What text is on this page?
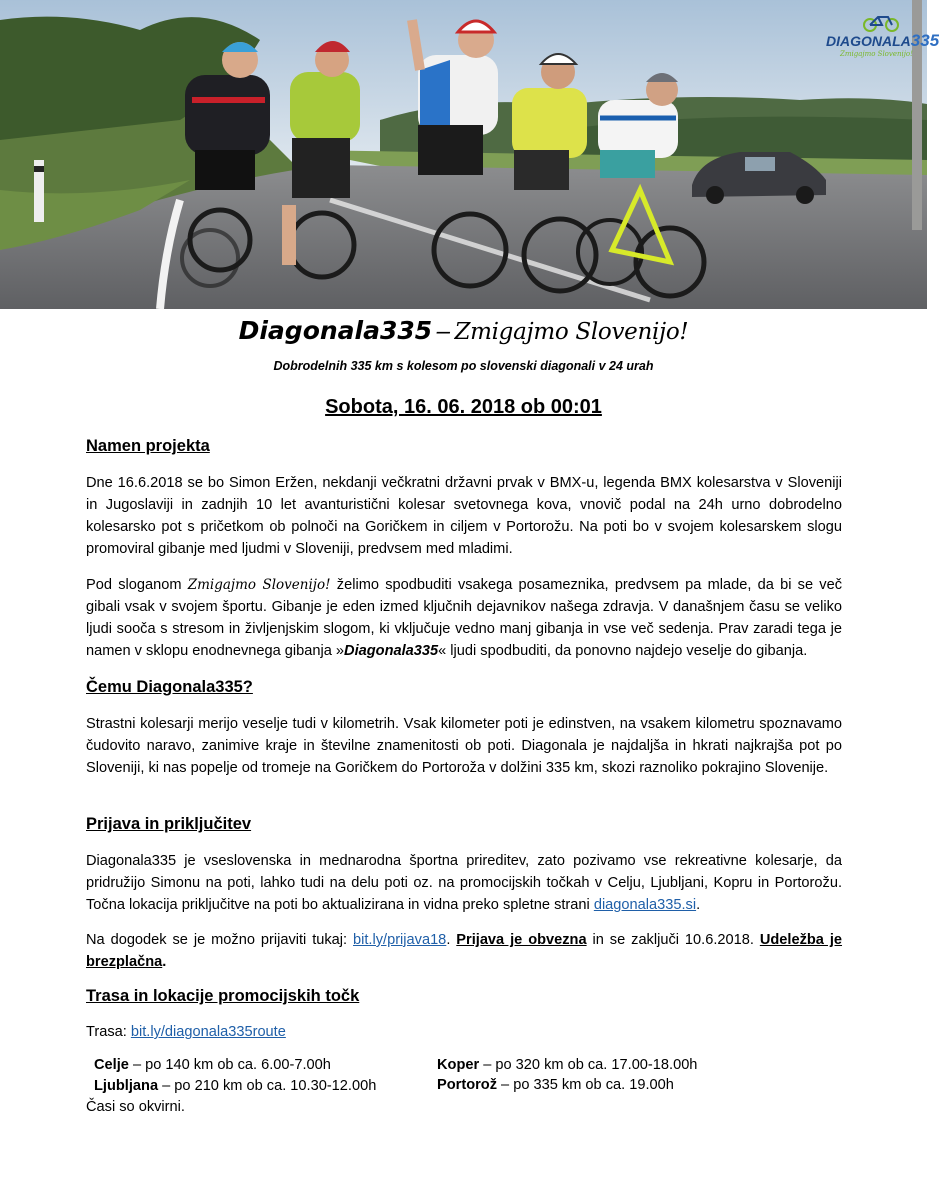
DIAGONALA335
Zmigajmo Slovenijo!
Diagonala335 – Zmigajmo Slovenijo!
Dobrodelnih 335 km s kolesom po slovenski diagonali v 24 urah
Sobota, 16. 06. 2018 ob 00:01
Namen projekta
Dne 16.6.2018 se bo Simon Eržen, nekdanji večkratni državni prvak v BMX-u, legenda BMX kolesarstva v Sloveniji in Jugoslaviji in zadnjih 10 let avanturistični kolesar svetovnega kova, vnovič podal na 24h urno dobrodelno kolesarsko pot s pričetkom ob polnoči na Goričkem in ciljem v Portorožu. Na poti bo v svojem kolesarskem slogu promoviral gibanje med ljudmi v Sloveniji, predvsem med mladimi.
Pod sloganom Zmigajmo Slovenijo! želimo spodbuditi vsakega posameznika, predvsem pa mlade, da bi se več gibali vsak v svojem športu. Gibanje je eden izmed ključnih dejavnikov našega zdravja. V današnjem času se veliko ljudi sooča s stresom in življenjskim slogom, ki vključuje vedno manj gibanja in vse več sedenja. Prav zaradi tega je namen v sklopu enodnevnega gibanja »Diagonala335« ljudi spodbuditi, da ponovno najdejo veselje do gibanja.
Čemu Diagonala335?
Strastni kolesarji merijo veselje tudi v kilometrih. Vsak kilometer poti je edinstven, na vsakem kilometru spoznavamo čudovito naravo, zanimive kraje in številne znamenitosti ob poti. Diagonala je najdaljša in hkrati najkrajša pot po Sloveniji, ki nas popelje od tromeje na Goričkem do Portoroža v dolžini 335 km, skozi raznoliko pokrajino Slovenije.
Prijava in priključitev
Diagonala335 je vseslovenska in mednarodna športna prireditev, zato pozivamo vse rekreativne kolesarje, da pridružijo Simonu na poti, lahko tudi na delu poti oz. na promocijskih točkah v Celju, Ljubljani, Kopru in Portorožu. Točna lokacija priključitve na poti bo aktualizirana in vidna preko spletne strani diagonala335.si.
Na dogodek se je možno prijaviti tukaj: bit.ly/prijava18. Prijava je obvezna in se zaključi 10.6.2018. Udeležba je brezplačna.
Trasa in lokacije promocijskih točk
Trasa: bit.ly/diagonala335route
Celje – po 140 km ob ca. 6.00-7.00h
Ljubljana – po 210 km ob ca. 10.30-12.00h
Koper – po 320 km ob ca. 17.00-18.00h
Portorož – po 335 km ob ca. 19.00h
Časi so okvirni.
